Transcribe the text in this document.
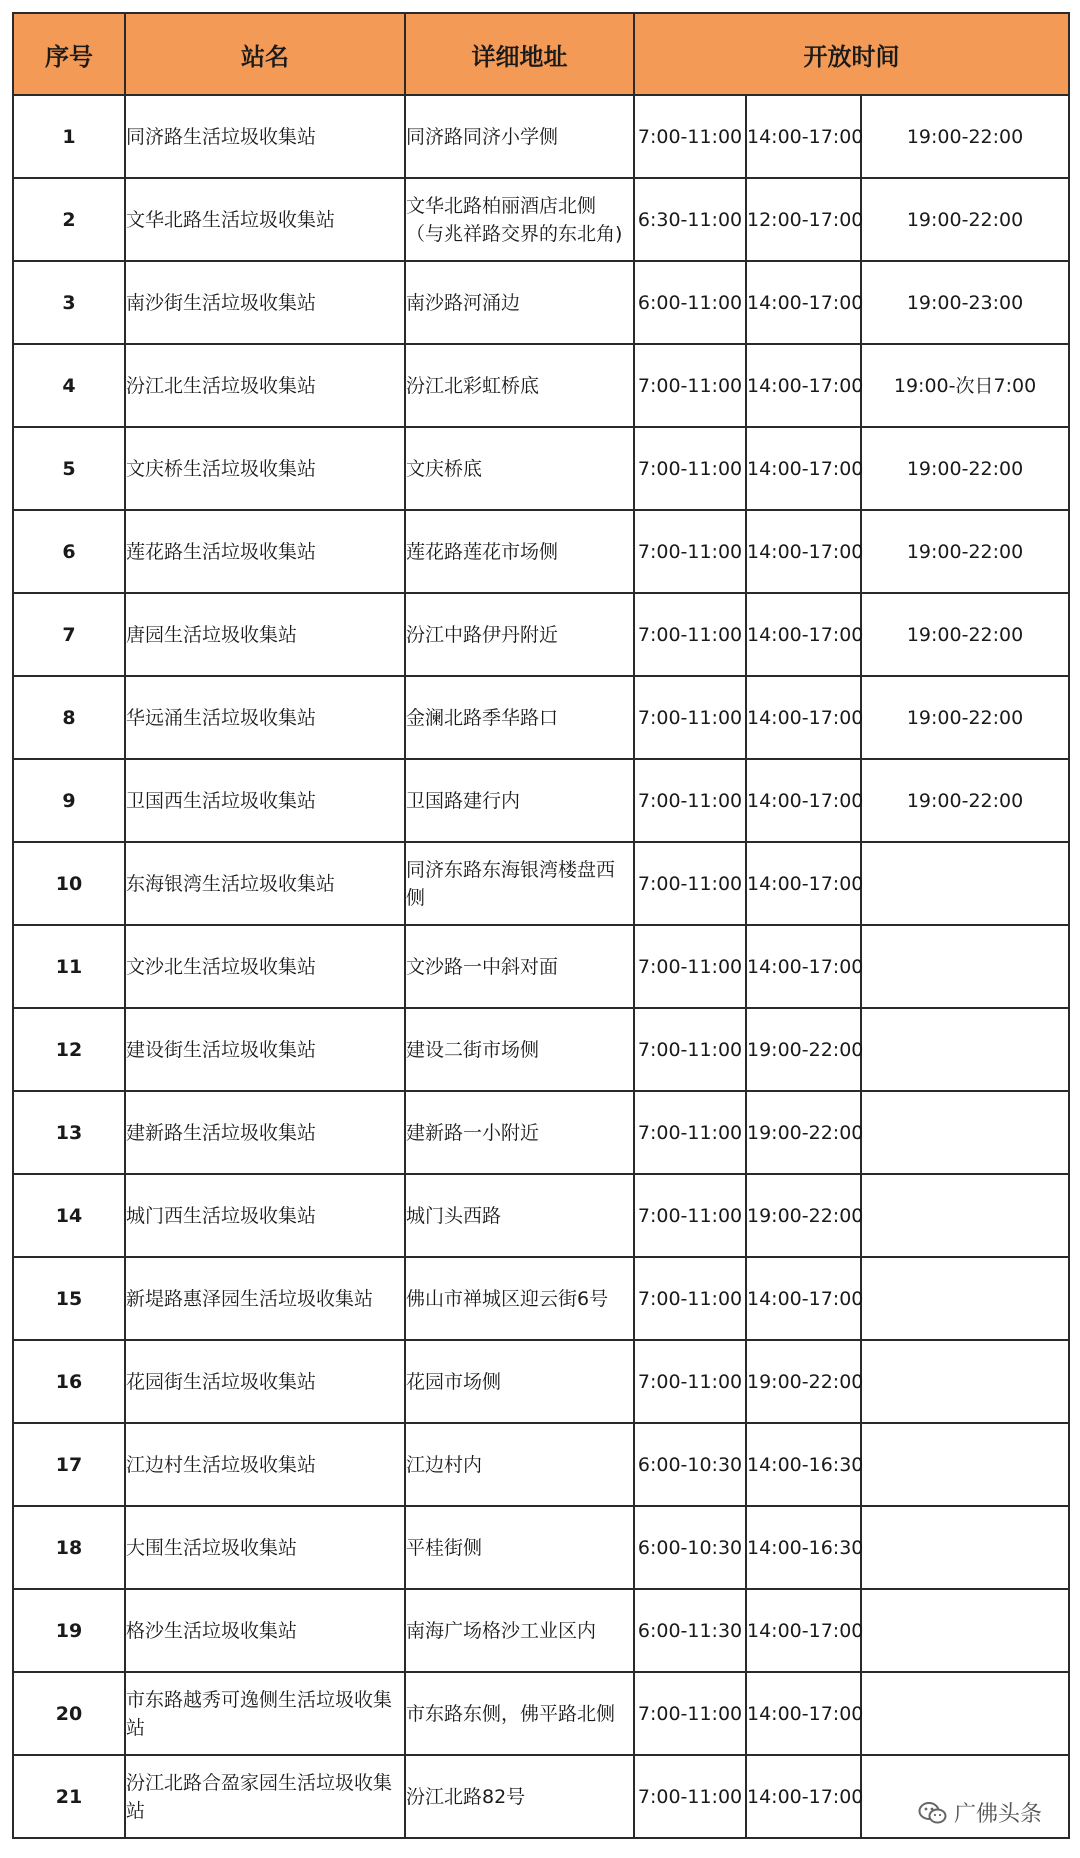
序号	站名	详细地址	开放时间		
1	同济路生活垃圾收集站	同济路同济小学侧	7:00-11:00	14:00-17:00	19:00-22:00
2	文华北路生活垃圾收集站	文华北路柏丽酒店北侧（与兆祥路交界的东北角)	6:30-11:00	12:00-17:00	19:00-22:00
3	南沙街生活垃圾收集站	南沙路河涌边	6:00-11:00	14:00-17:00	19:00-23:00
4	汾江北生活垃圾收集站	汾江北彩虹桥底	7:00-11:00	14:00-17:00	19:00-次日7:00
5	文庆桥生活垃圾收集站	文庆桥底	7:00-11:00	14:00-17:00	19:00-22:00
6	莲花路生活垃圾收集站	莲花路莲花市场侧	7:00-11:00	14:00-17:00	19:00-22:00
7	唐园生活垃圾收集站	汾江中路伊丹附近	7:00-11:00	14:00-17:00	19:00-22:00
8	华远涌生活垃圾收集站	金澜北路季华路口	7:00-11:00	14:00-17:00	19:00-22:00
9	卫国西生活垃圾收集站	卫国路建行内	7:00-11:00	14:00-17:00	19:00-22:00
10	东海银湾生活垃圾收集站	同济东路东海银湾楼盘西侧	7:00-11:00	14:00-17:00	
11	文沙北生活垃圾收集站	文沙路一中斜对面	7:00-11:00	14:00-17:00	
12	建设街生活垃圾收集站	建设二街市场侧	7:00-11:00	19:00-22:00	
13	建新路生活垃圾收集站	建新路一小附近	7:00-11:00	19:00-22:00	
14	城门西生活垃圾收集站	城门头西路	7:00-11:00	19:00-22:00	
15	新堤路惠泽园生活垃圾收集站	佛山市禅城区迎云街6号	7:00-11:00	14:00-17:00	
16	花园街生活垃圾收集站	花园市场侧	7:00-11:00	19:00-22:00	
17	江边村生活垃圾收集站	江边村内	6:00-10:30	14:00-16:30	
18	大围生活垃圾收集站	平桂街侧	6:00-10:30	14:00-16:30	
19	格沙生活垃圾收集站	南海广场格沙工业区内	6:00-11:30	14:00-17:00	
20	市东路越秀可逸侧生活垃圾收集站	市东路东侧，佛平路北侧	7:00-11:00	14:00-17:00	
21	汾江北路合盈家园生活垃圾收集站	汾江北路82号	7:00-11:00	14:00-17:00	
广佛头条
